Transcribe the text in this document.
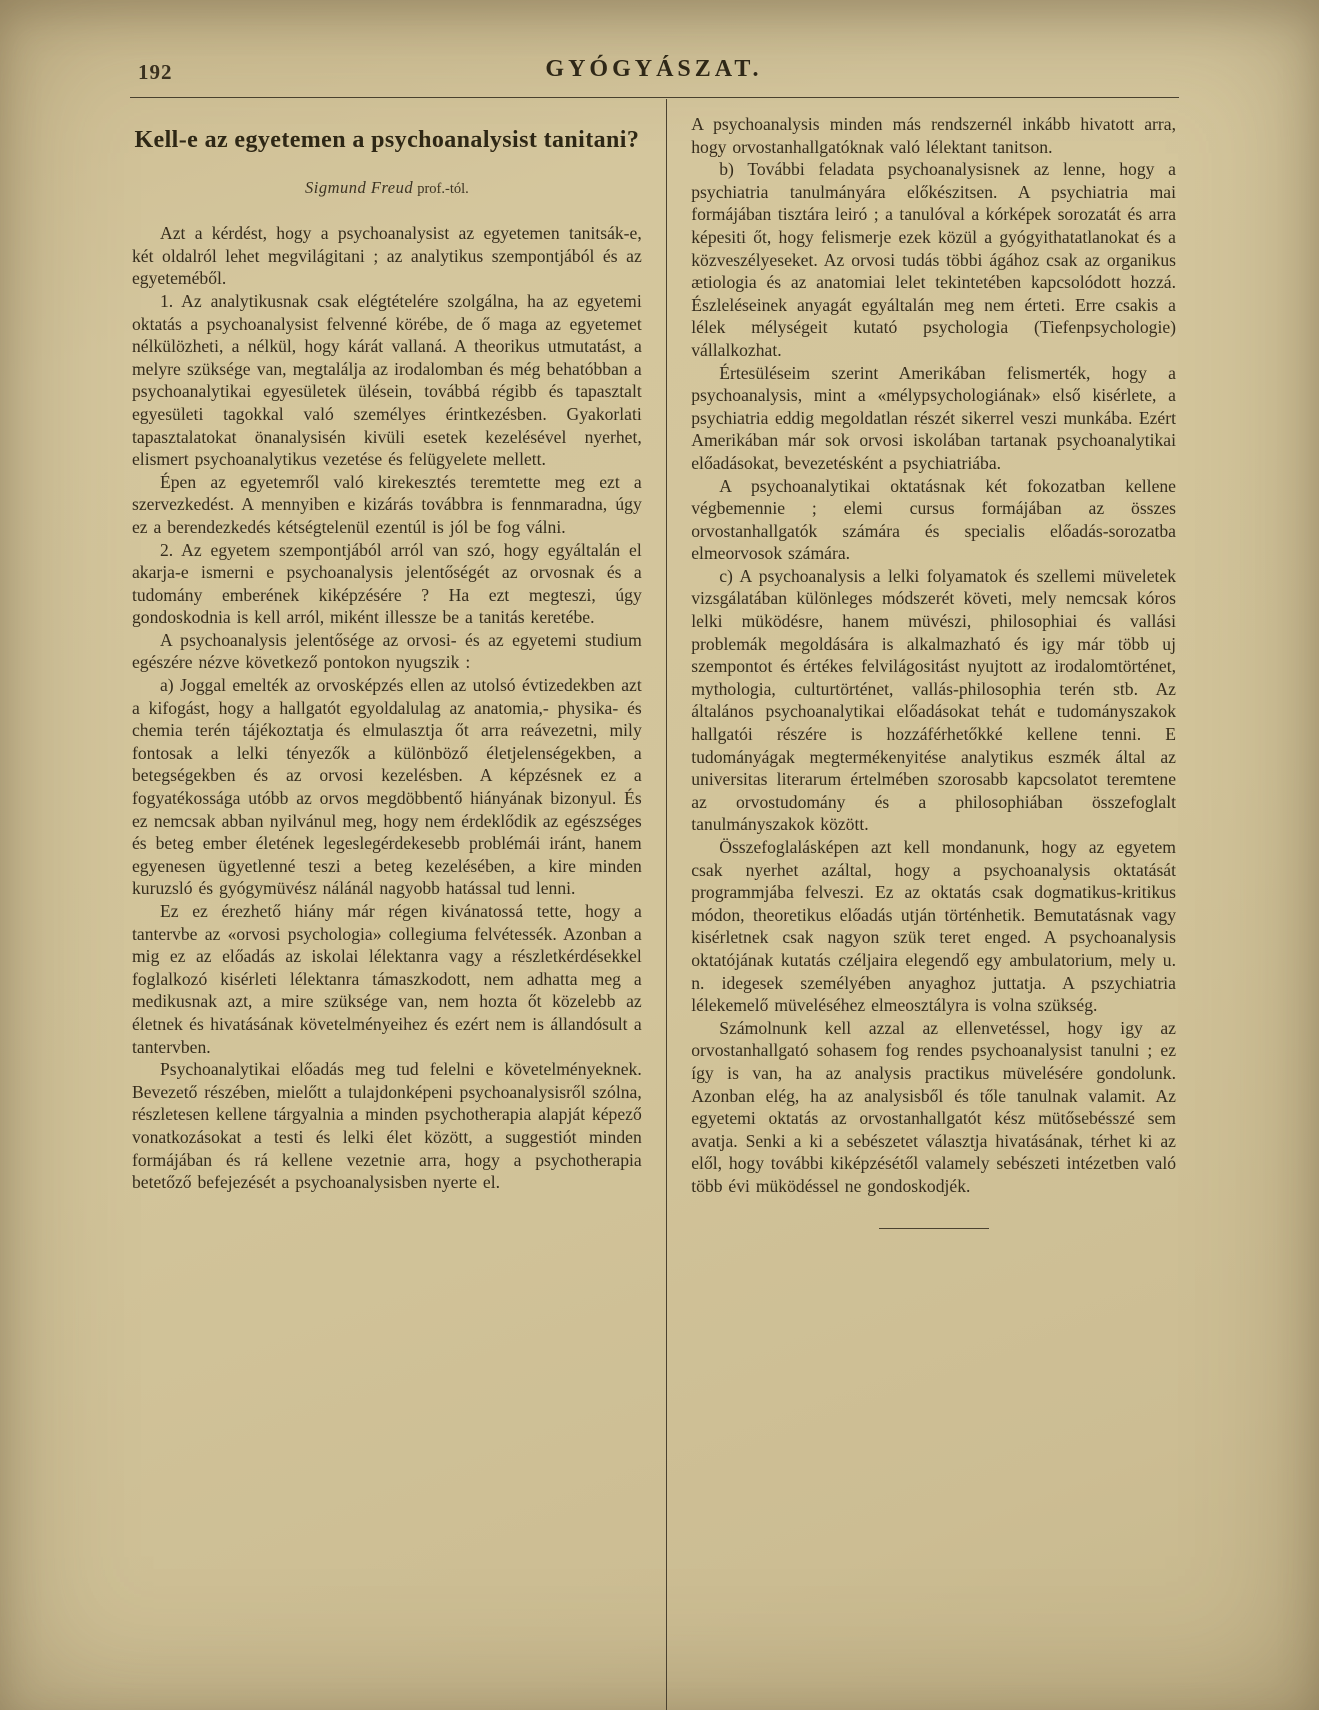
192	GYÓGYÁSZAT.
Kell-e az egyetemen a psychoanalysist tanitani?
Sigmund Freud prof.-tól.

Azt a kérdést, hogy a psychoanalysist az egyetemen tanitsák-e, két oldalról lehet megvilágitani ; az analytikus szempontjából és az egyeteméből.

1. Az analytikusnak csak elégtételére szolgálna, ha az egyetemi oktatás a psychoanalysist felvenné körébe, de ő maga az egyetemet nélkülözheti, a nélkül, hogy kárát vallaná. A theorikus utmutatást, a melyre szüksége van, megtalálja az irodalomban és még behatóbban a psychoanalytikai egyesületek ülésein, továbbá régibb és tapasztalt egyesületi tagokkal való személyes érintkezésben. Gyakorlati tapasztalatokat önanalysisén kivüli esetek kezelésével nyerhet, elismert psychoanalytikus vezetése és felügyelete mellett.

Épen az egyetemről való kirekesztés teremtette meg ezt a szervezkedést. A mennyiben e kizárás továbbra is fennmaradna, úgy ez a berendezkedés kétségtelenül ezentúl is jól be fog válni.

2. Az egyetem szempontjából arról van szó, hogy egyáltalán el akarja-e ismerni e psychoanalysis jelentőségét az orvosnak és a tudomány emberének kiképzésére ? Ha ezt megteszi, úgy gondoskodnia is kell arról, miként illessze be a tanitás keretébe.

A psychoanalysis jelentősége az orvosi- és az egyetemi studium egészére nézve következő pontokon nyugszik :

a) Joggal emelték az orvosképzés ellen az utolsó évtizedekben azt a kifogást, hogy a hallgatót egyoldalulag az anatomia,- physika- és chemia terén tájékoztatja és elmulasztja őt arra reávezetni, mily fontosak a lelki tényezők a különböző életjelenségekben, a betegségekben és az orvosi kezelésben. A képzésnek ez a fogyatékossága utóbb az orvos megdöbbentő hiányának bizonyul. És ez nemcsak abban nyilvánul meg, hogy nem érdeklődik az egészséges és beteg ember életének legeslegérdekesebb problémái iránt, hanem egyenesen ügyetlenné teszi a beteg kezelésében, a kire minden kuruzsló és gyógymüvész nálánál nagyobb hatással tud lenni.

Ez ez érezhető hiány már régen kivánatossá tette, hogy a tantervbe az «orvosi psychologia» collegiuma felvétessék. Azonban a mig ez az előadás az iskolai lélektanra vagy a részletkérdésekkel foglalkozó kisérleti lélektanra támaszkodott, nem adhatta meg a medikusnak azt, a mire szüksége van, nem hozta őt közelebb az életnek és hivatásának követelményeihez és ezért nem is állandósult a tantervben.

Psychoanalytikai előadás meg tud felelni e követelményeknek. Bevezető részében, mielőtt a tulajdonképeni psychoanalysisről szólna, részletesen kellene tárgyalnia a minden psychotherapia alapját képező vonatkozásokat a testi és lelki élet között, a suggestiót minden formájában és rá kellene vezetnie arra, hogy a psychotherapia betetőző befejezését a psychoanalysisben nyerte el.

A psychoanalysis minden más rendszernél inkább hivatott arra, hogy orvostanhallgatóknak való lélektant tanitson.

b) További feladata psychoanalysisnek az lenne, hogy a psychiatria tanulmányára előkészitsen. A psychiatria mai formájában tisztára leiró ; a tanulóval a kórképek sorozatát és arra képesiti őt, hogy felismerje ezek közül a gyógyithatatlanokat és a közveszélyeseket. Az orvosi tudás többi ágához csak az organikus ætiologia és az anatomiai lelet tekintetében kapcsolódott hozzá. Észleléseinek anyagát egyáltalán meg nem érteti. Erre csakis a lélek mélységeit kutató psychologia (Tiefenpsychologie) vállalkozhat.

Értesüléseim szerint Amerikában felismerték, hogy a psychoanalysis, mint a «mélypsychologiának» első kisérlete, a psychiatria eddig megoldatlan részét sikerrel veszi munkába. Ezért Amerikában már sok orvosi iskolában tartanak psychoanalytikai előadásokat, bevezetésként a psychiatriába.

A psychoanalytikai oktatásnak két fokozatban kellene végbemennie ; elemi cursus formájában az összes orvostanhallgatók számára és specialis előadás-sorozatba elmeorvosok számára.

c) A psychoanalysis a lelki folyamatok és szellemi müveletek vizsgálatában különleges módszerét követi, mely nemcsak kóros lelki müködésre, hanem müvészi, philosophiai és vallási problemák megoldására is alkalmazható és igy már több uj szempontot és értékes felvilágositást nyujtott az irodalomtörténet, mythologia, culturtörténet, vallás-philosophia terén stb. Az általános psychoanalytikai előadásokat tehát e tudományszakok hallgatói részére is hozzáférhetőkké kellene tenni. E tudományágak megtermékenyitése analytikus eszmék által az universitas literarum értelmében szorosabb kapcsolatot teremtene az orvostudomány és a philosophiában összefoglalt tanulmányszakok között.

Összefoglalásképen azt kell mondanunk, hogy az egyetem csak nyerhet azáltal, hogy a psychoanalysis oktatását programmjába felveszi. Ez az oktatás csak dogmatikus-kritikus módon, theoretikus előadás utján történhetik. Bemutatásnak vagy kisérletnek csak nagyon szük teret enged. A psychoanalysis oktatójának kutatás czéljaira elegendő egy ambulatorium, mely u. n. idegesek személyében anyaghoz juttatja. A pszychiatria lélekemelő müveléséhez elmeosztályra is volna szükség.

Számolnunk kell azzal az ellenvetéssel, hogy igy az orvostanhallgató sohasem fog rendes psychoanalysist tanulni ; ez így is van, ha az analysis practikus müvelésére gondolunk. Azonban elég, ha az analysisből és tőle tanulnak valamit. Az egyetemi oktatás az orvostanhallgatót kész mütősebésszé sem avatja. Senki a ki a sebészetet választja hivatásának, térhet ki az elől, hogy további kiképzésétől valamely sebészeti intézetben való több évi müködéssel ne gondoskodjék.
